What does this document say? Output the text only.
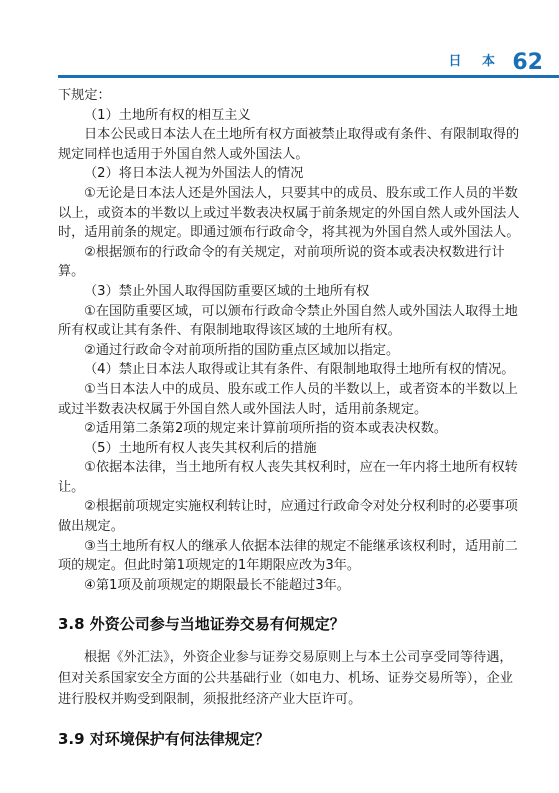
日 本 62

下规定：

（1）土地所有权的相互主义

日本公民或日本法人在土地所有权方面被禁止取得或有条件、有限制取得的规定同样也适用于外国自然人或外国法人。

（2）将日本法人视为外国法人的情况

①无论是日本法人还是外国法人，只要其中的成员、股东或工作人员的半数以上，或资本的半数以上或过半数表决权属于前条规定的外国自然人或外国法人时，适用前条的规定。即通过颁布行政命令，将其视为外国自然人或外国法人。

②根据颁布的行政命令的有关规定，对前项所说的资本或表决权数进行计算。

（3）禁止外国人取得国防重要区域的土地所有权

①在国防重要区域，可以颁布行政命令禁止外国自然人或外国法人取得土地所有权或让其有条件、有限制地取得该区域的土地所有权。

②通过行政命令对前项所指的国防重点区域加以指定。

（4）禁止日本法人取得或让其有条件、有限制地取得土地所有权的情况。

①当日本法人中的成员、股东或工作人员的半数以上，或者资本的半数以上或过半数表决权属于外国自然人或外国法人时，适用前条规定。

②适用第二条第2项的规定来计算前项所指的资本或表决权数。

（5）土地所有权人丧失其权利后的措施

①依据本法律，当土地所有权人丧失其权利时，应在一年内将土地所有权转让。

②根据前项规定实施权利转让时，应通过行政命令对处分权利时的必要事项做出规定。

③当土地所有权人的继承人依据本法律的规定不能继承该权利时，适用前二项的规定。但此时第1项规定的1年期限应改为3年。

④第1项及前项规定的期限最长不能超过3年。

3.8 外资公司参与当地证券交易有何规定？

根据《外汇法》，外资企业参与证券交易原则上与本土公司享受同等待遇，但对关系国家安全方面的公共基础行业（如电力、机场、证券交易所等），企业进行股权并购受到限制，须报批经济产业大臣许可。

3.9 对环境保护有何法律规定？
